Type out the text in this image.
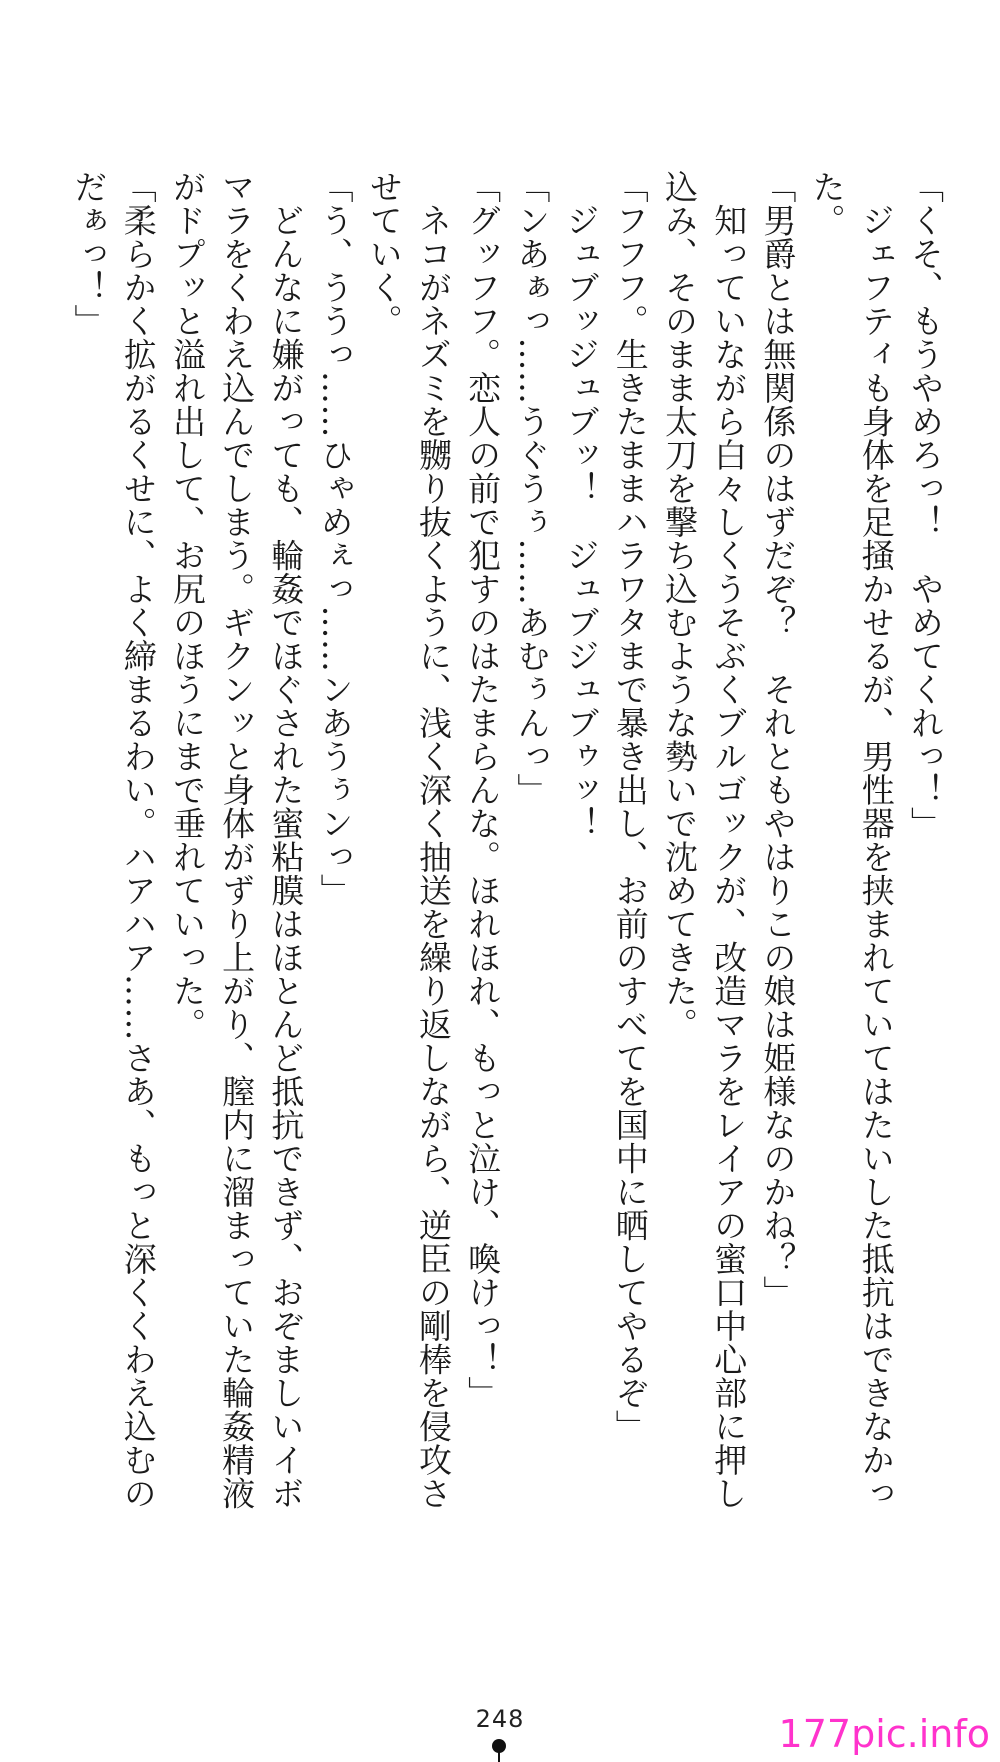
「くそ、もうやめろっ！　やめてくれっ！」
　ジェフティも身体を足掻かせるが、男性器を挟まれていてはたいした抵抗はできなかっ
た。
「男爵とは無関係のはずだぞ？　それともやはりこの娘は姫様なのかね？」
　知っていながら白々しくうそぶくブルゴックが、改造マラをレイアの蜜口中心部に押し
込み、そのまま太刀を撃ち込むような勢いで沈めてきた。
「フフフ。生きたままハラワタまで暴き出し、お前のすべてを国中に晒してやるぞ」
　ジュブッジュブッ！　ジュブジュブゥッ！
「ンあぁっ……うぐうぅ……あむぅんっ」
「グッフフ。恋人の前で犯すのはたまらんな。ほれほれ、もっと泣け、喚けっ！」
　ネコがネズミを嬲り抜くように、浅く深く抽送を繰り返しながら、逆臣の剛棒を侵攻さ
せていく。
「う、ううっ……ひゃめぇっ……ンあうぅンっ」
　どんなに嫌がっても、輪姦でほぐされた蜜粘膜はほとんど抵抗できず、おぞましいイボ
マラをくわえ込んでしまう。ギクンッと身体がずり上がり、膣内に溜まっていた輪姦精液
がドプッと溢れ出して、お尻のほうにまで垂れていった。
「柔らかく拡がるくせに、よく締まるわい。ハアハア……さあ、もっと深くくわえ込むの
だぁっ！」
248	177pic.info
